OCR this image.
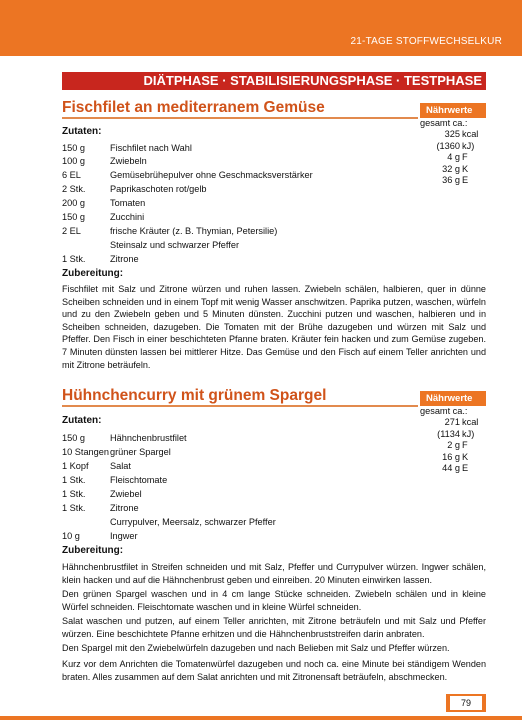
21-TAGE STOFFWECHSELKUR
DIÄTPHASE · STABILISIERUNGSPHASE · TESTPHASE
Fischfilet an mediterranem Gemüse
Zutaten:
150 g	Fischfilet nach Wahl
100 g	Zwiebeln
6 EL	Gemüsebrühepulver ohne Geschmacksverstärker
2 Stk.	Paprikaschoten rot/gelb
200 g	Tomaten
150 g	Zucchini
2 EL	frische Kräuter (z. B. Thymian, Petersilie)
Steinsalz und schwarzer Pfeffer
1 Stk.	Zitrone
Zubereitung:
Fischfilet mit Salz und Zitrone würzen und ruhen lassen. Zwiebeln schälen, halbieren, quer in dünne Scheiben schneiden und in einem Topf mit wenig Wasser anschwitzen. Paprika putzen, waschen, würfeln und zu den Zwiebeln geben und 5 Minuten dünsten. Zucchini putzen und waschen, halbieren und in Scheiben schneiden, dazugeben. Die Tomaten mit der Brühe dazugeben und würzen mit Salz und Pfeffer. Den Fisch in einer beschichteten Pfanne braten. Kräuter fein hacken und zum Gemüse zugeben. 7 Minuten dünsten lassen bei mittlerer Hitze. Das Gemüse und den Fisch auf einem Teller anrichten und mit Zitrone beträufeln.
Nährwerte
gesamt ca.:
325 kcal
(1360 kJ)
4 g F
32 g K
36 g E
Hühnchencurry mit grünem Spargel
Zutaten:
150 g	Hähnchenbrustfilet
10 Stangen grüner Spargel
1 Kopf Salat
1 Stk.	Fleischtomate
1 Stk.	Zwiebel
1 Stk.	Zitrone
Currypulver, Meersalz, schwarzer Pfeffer
10 g	Ingwer
Zubereitung:
Hähnchenbrustfilet in Streifen schneiden und mit Salz, Pfeffer und Currypulver würzen. Ingwer schälen, klein hacken und auf die Hähnchenbrust geben und einreiben. 20 Minuten einwirken lassen.
Den grünen Spargel waschen und in 4 cm lange Stücke schneiden. Zwiebeln schälen und in kleine Würfel schneiden. Fleischtomate waschen und in kleine Würfel schneiden.
Salat waschen und putzen, auf einem Teller anrichten, mit Zitrone beträufeln und mit Salz und Pfeffer würzen. Eine beschichtete Pfanne erhitzen und die Hähnchenbruststreifen darin anbraten.
Den Spargel mit den Zwiebelwürfeln dazugeben und nach Belieben mit Salz und Pfeffer würzen.
Kurz vor dem Anrichten die Tomatenwürfel dazugeben und noch ca. eine Minute bei ständigem Wenden braten. Alles zusammen auf dem Salat anrichten und mit Zitronensaft beträufeln, abschmecken.
Nährwerte
gesamt ca.:
271 kcal
(1134 kJ)
2 g F
16 g K
44 g E
79
